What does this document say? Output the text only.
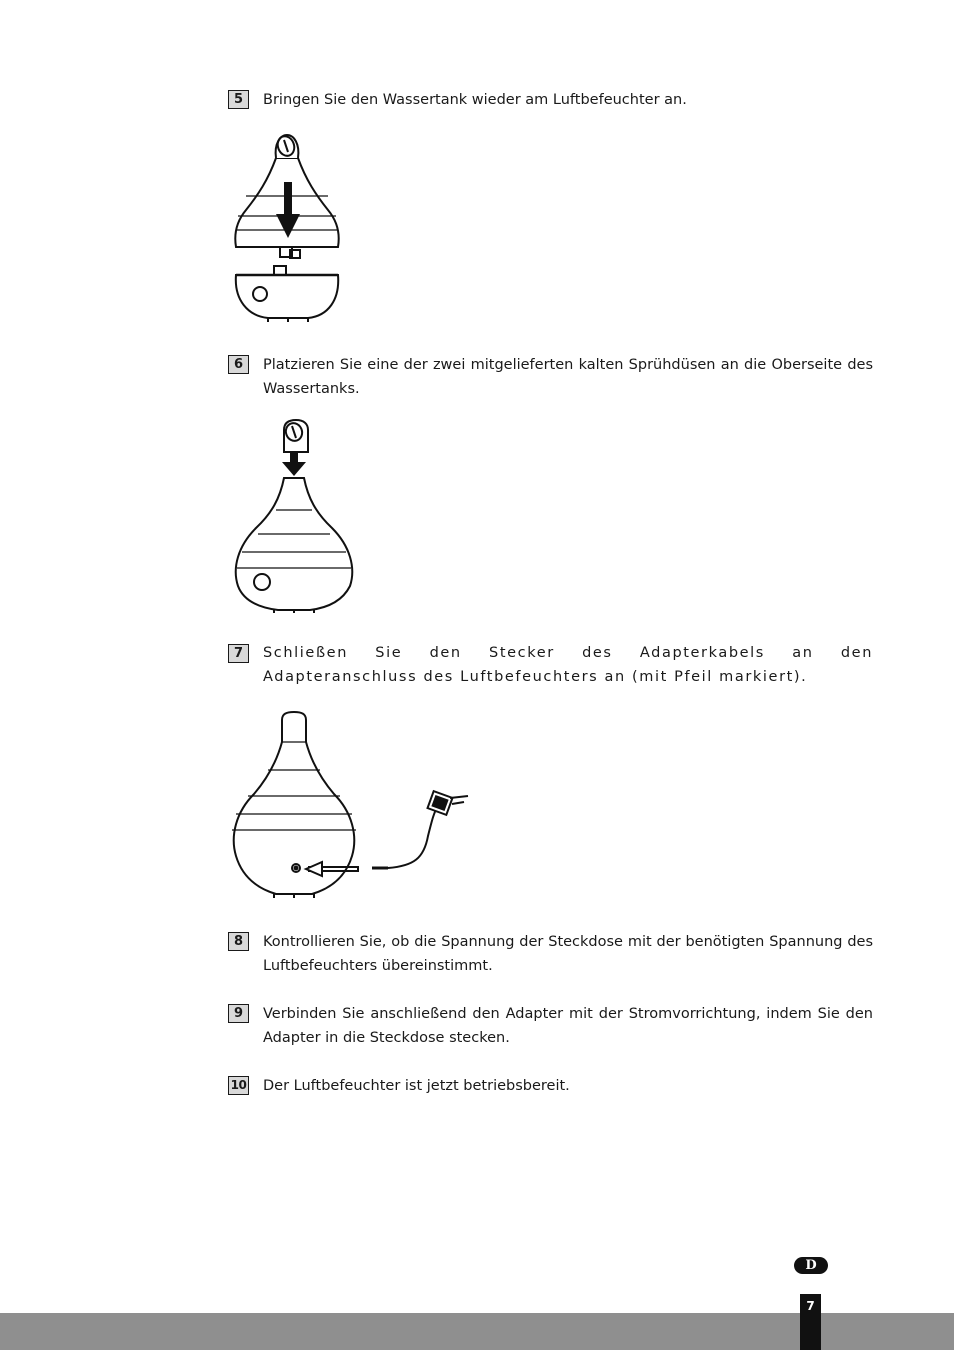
5	Bringen Sie den Wassertank wieder am Luftbefeuchter an.

6	Platzieren Sie eine der zwei mitgelieferten kalten Sprühdüsen an die Oberseite des Wassertanks.

7	Schließen Sie den Stecker des Adapterkabels an den Adapteranschluss des Luftbefeuchters an (mit Pfeil markiert).

8	Kontrollieren Sie, ob die Spannung der Steckdose mit der benötigten Spannung des Luftbefeuchters übereinstimmt.

9	Verbinden Sie anschließend den Adapter mit der Stromvorrichtung, indem Sie den Adapter in die Steckdose stecken.

10 Der Luftbefeuchter ist jetzt betriebsbereit.

D
7
